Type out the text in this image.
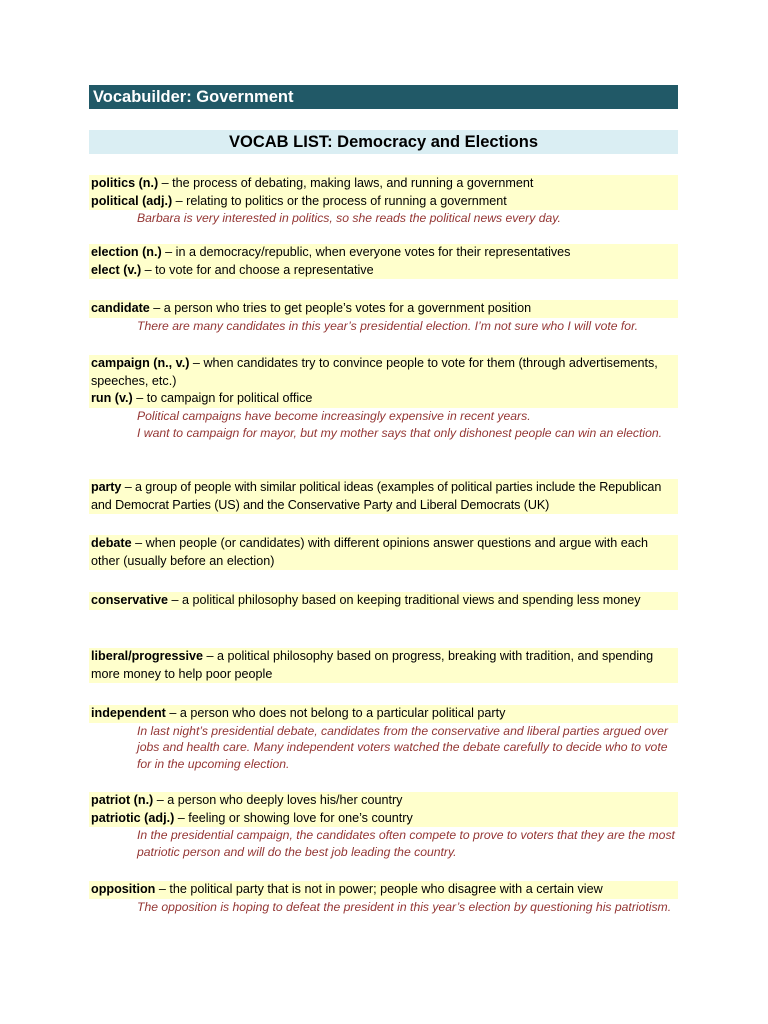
Vocabuilder: Government
VOCAB LIST: Democracy and Elections

politics (n.) – the process of debating, making laws, and running a government

political (adj.) – relating to politics or the process of running a government

Barbara is very interested in politics, so she reads the political news every day.

election (n.) – in a democracy/republic, when everyone votes for their representatives

elect (v.) – to vote for and choose a representative

candidate – a person who tries to get people’s votes for a government position

There are many candidates in this year’s presidential election. I’m not sure who I will vote for.

campaign (n., v.) – when candidates try to convince people to vote for them (through advertisements, speeches, etc.)

run (v.) – to campaign for political office

Political campaigns have become increasingly expensive in recent years.

I want to campaign for mayor, but my mother says that only dishonest people can win an election.

party – a group of people with similar political ideas (examples of political parties include the Republican and Democrat Parties (US) and the Conservative Party and Liberal Democrats (UK)

debate – when people (or candidates) with different opinions answer questions and argue with each other (usually before an election)

conservative – a political philosophy based on keeping traditional views and spending less money

liberal/progressive – a political philosophy based on progress, breaking with tradition, and spending more money to help poor people

independent – a person who does not belong to a particular political party

In last night’s presidential debate, candidates from the conservative and liberal parties argued over jobs and health care. Many independent voters watched the debate carefully to decide who to vote for in the upcoming election.

patriot (n.) – a person who deeply loves his/her country

patriotic (adj.) – feeling or showing love for one’s country

In the presidential campaign, the candidates often compete to prove to voters that they are the most patriotic person and will do the best job leading the country.

opposition – the political party that is not in power; people who disagree with a certain view

The opposition is hoping to defeat the president in this year’s election by questioning his patriotism.
